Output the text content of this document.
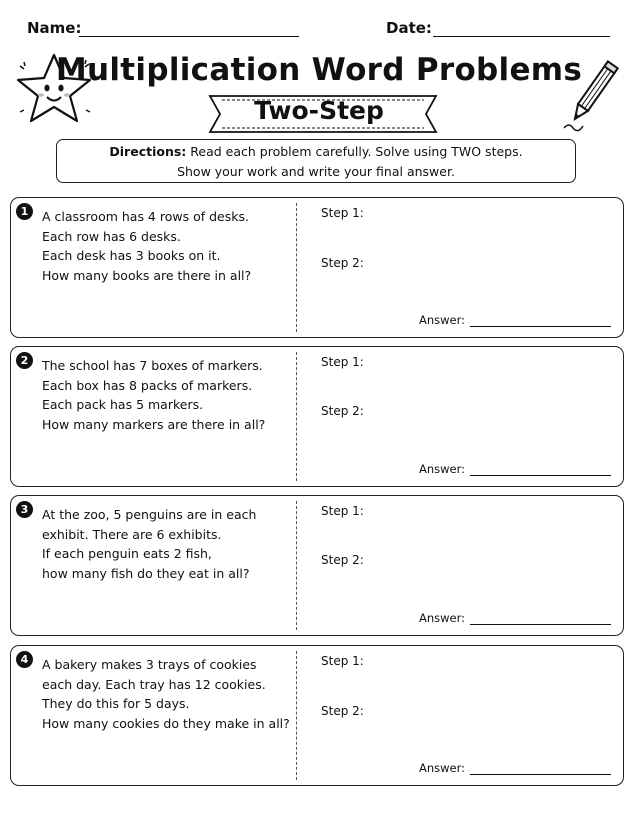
Name:	Date:
Multiplication Word Problems
Two-Step
Directions: Read each problem carefully. Solve using TWO steps.
Show your work and write your final answer.
1	A classroom has 4 rows of desks.
Each row has 6 desks.
Each desk has 3 books on it.
How many books are there in all?
Step 1:
Step 2:
Answer:
2	The school has 7 boxes of markers.
Each box has 8 packs of markers.
Each pack has 5 markers.
How many markers are there in all?
Step 1:
Step 2:
Answer:
3	At the zoo, 5 penguins are in each
exhibit. There are 6 exhibits.
If each penguin eats 2 fish,
how many fish do they eat in all?
Step 1:
Step 2:
Answer:
4	A bakery makes 3 trays of cookies
each day. Each tray has 12 cookies.
They do this for 5 days.
How many cookies do they make in all?
Step 1:
Step 2:
Answer:
